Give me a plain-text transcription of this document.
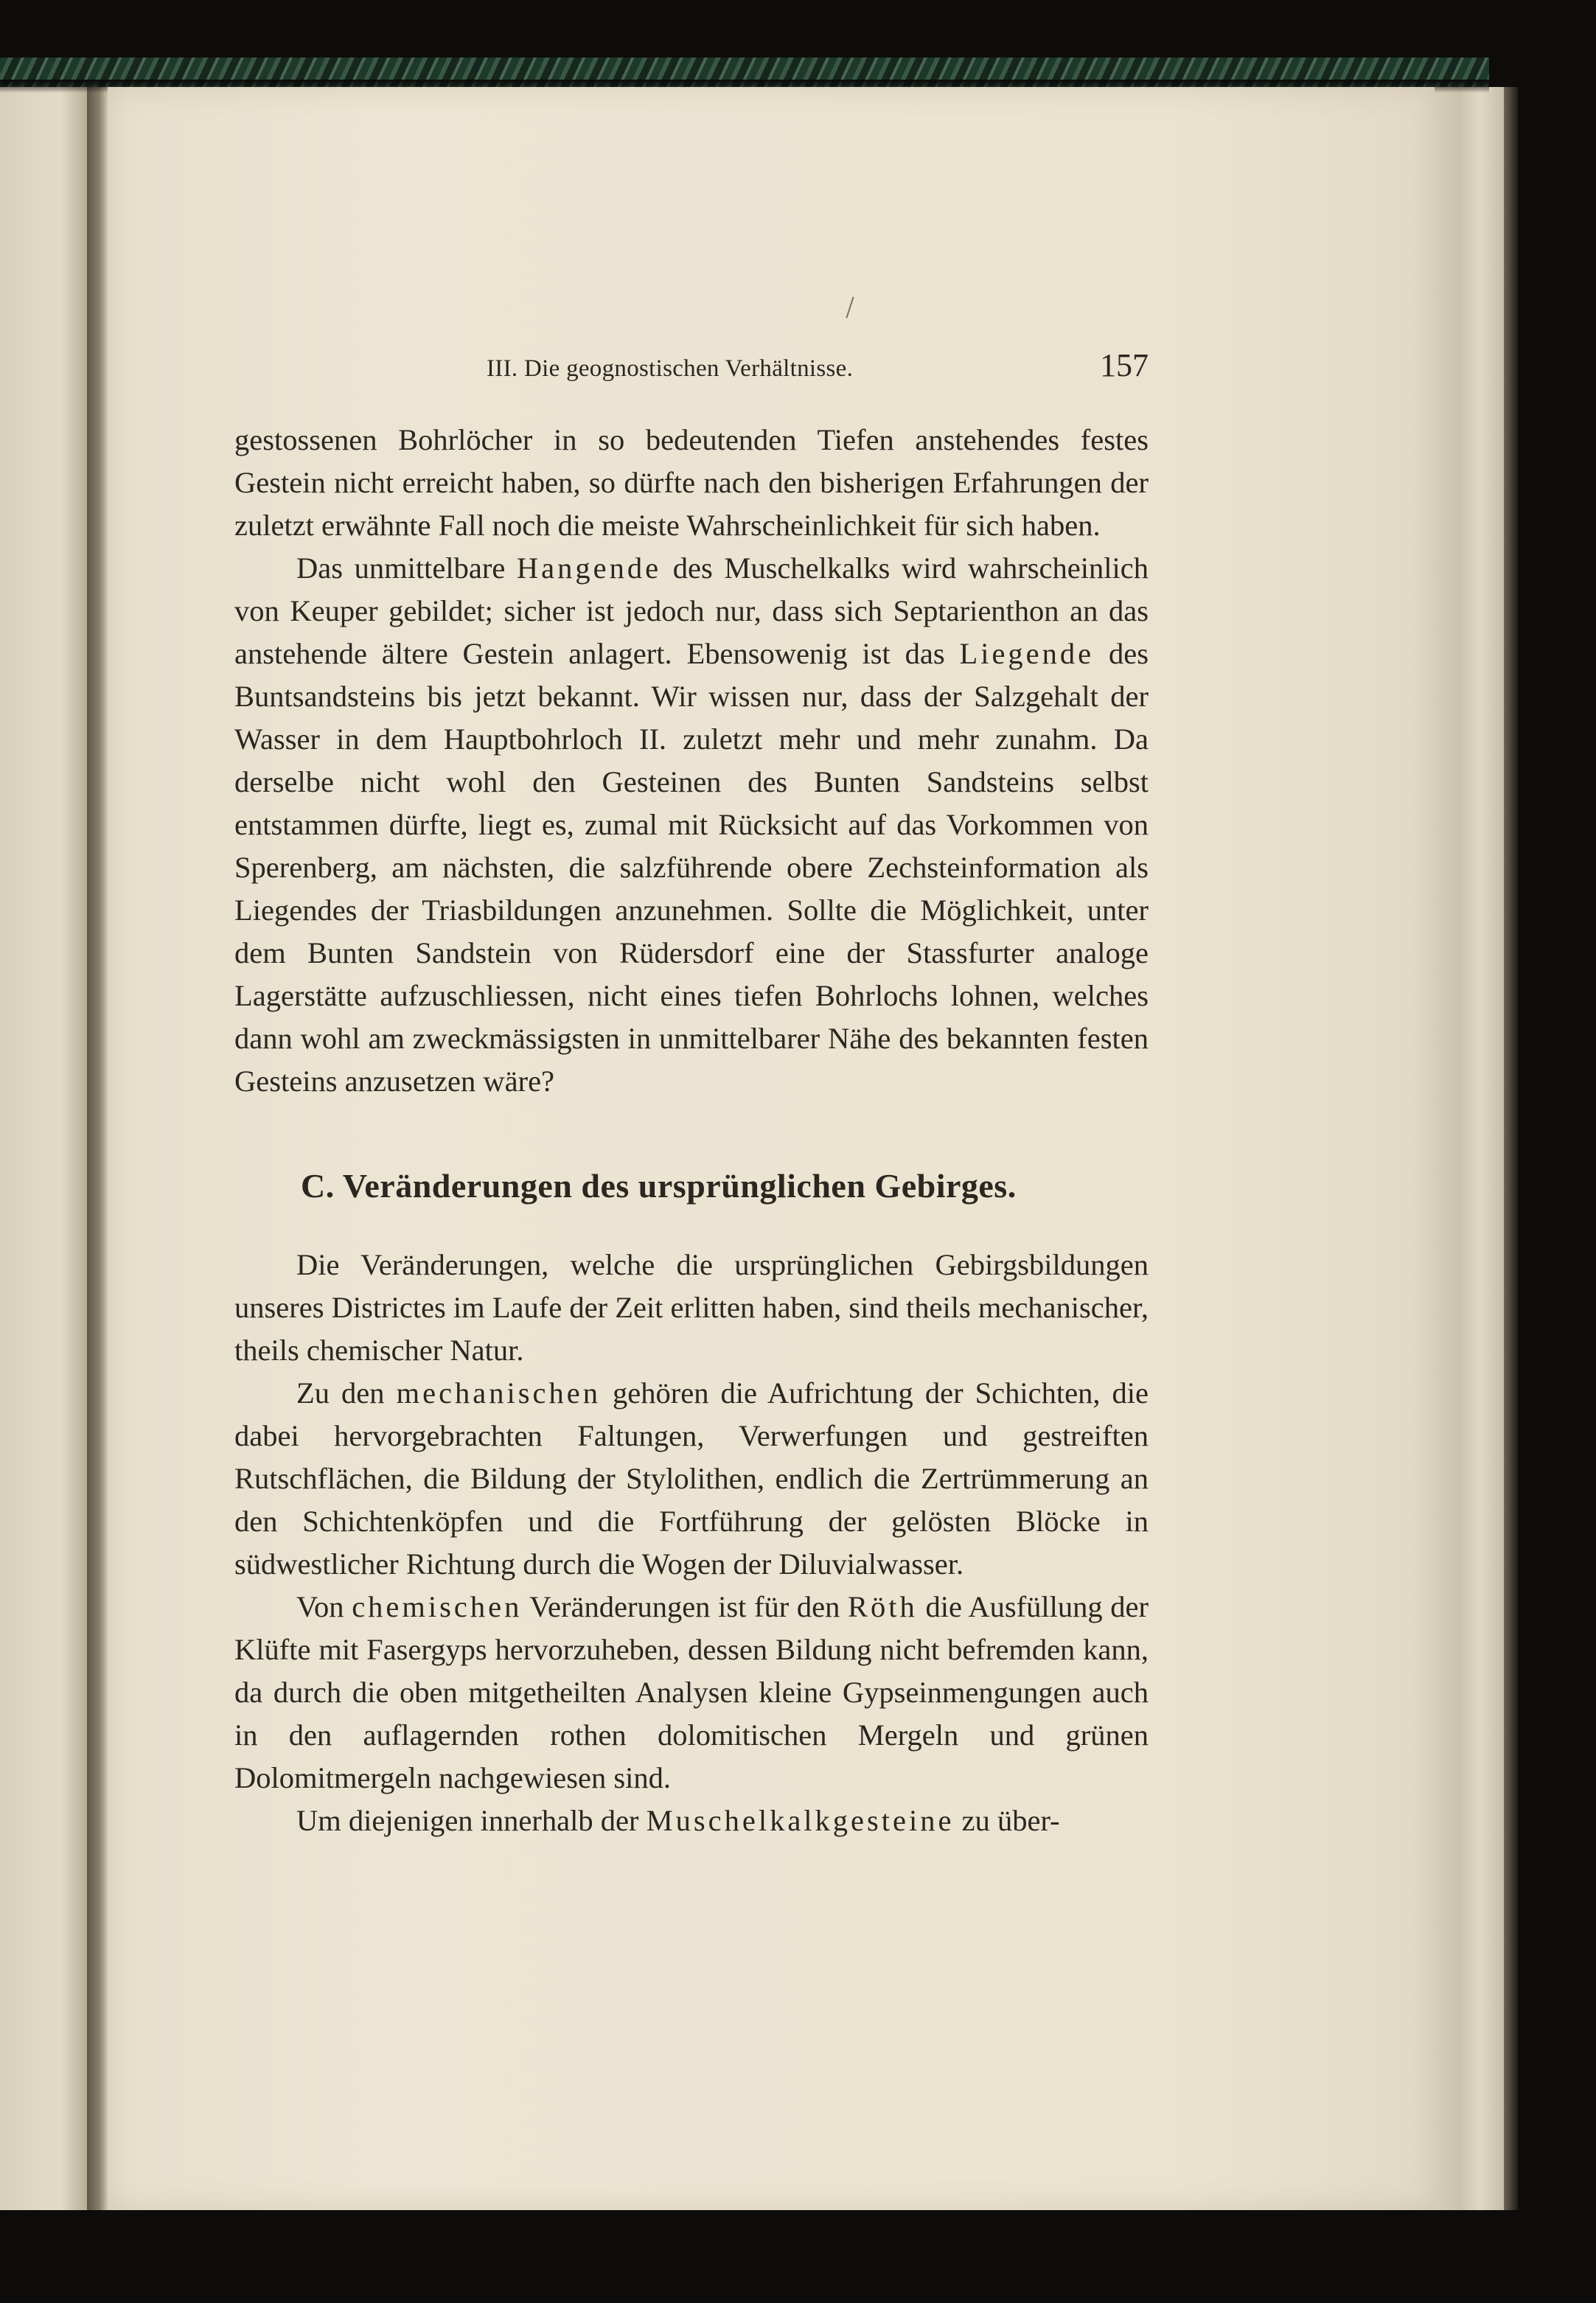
III. Die geognostischen Verhältnisse.	157

gestossenen Bohrlöcher in so bedeutenden Tiefen anstehendes festes Gestein nicht erreicht haben, so dürfte nach den bisherigen Erfahrungen der zuletzt erwähnte Fall noch die meiste Wahrscheinlichkeit für sich haben.

Das unmittelbare Hangende des Muschelkalks wird wahrscheinlich von Keuper gebildet; sicher ist jedoch nur, dass sich Septarienthon an das anstehende ältere Gestein anlagert. Ebensowenig ist das Liegende des Buntsandsteins bis jetzt bekannt. Wir wissen nur, dass der Salzgehalt der Wasser in dem Hauptbohrloch II. zuletzt mehr und mehr zunahm. Da derselbe nicht wohl den Gesteinen des Bunten Sandsteins selbst entstammen dürfte, liegt es, zumal mit Rücksicht auf das Vorkommen von Sperenberg, am nächsten, die salzführende obere Zechsteinformation als Liegendes der Triasbildungen anzunehmen. Sollte die Möglichkeit, unter dem Bunten Sandstein von Rüdersdorf eine der Stassfurter analoge Lagerstätte aufzuschliessen, nicht eines tiefen Bohrlochs lohnen, welches dann wohl am zweckmässigsten in unmittelbarer Nähe des bekannten festen Gesteins anzusetzen wäre?

C. Veränderungen des ursprünglichen Gebirges.

Die Veränderungen, welche die ursprünglichen Gebirgsbildungen unseres Districtes im Laufe der Zeit erlitten haben, sind theils mechanischer, theils chemischer Natur.

Zu den mechanischen gehören die Aufrichtung der Schichten, die dabei hervorgebrachten Faltungen, Verwerfungen und gestreiften Rutschflächen, die Bildung der Stylolithen, endlich die Zertrümmerung an den Schichtenköpfen und die Fortführung der gelösten Blöcke in südwestlicher Richtung durch die Wogen der Diluvialwasser.

Von chemischen Veränderungen ist für den Röth die Ausfüllung der Klüfte mit Fasergyps hervorzuheben, dessen Bildung nicht befremden kann, da durch die oben mitgetheilten Analysen kleine Gypseinmengungen auch in den auflagernden rothen dolomitischen Mergeln und grünen Dolomitmergeln nachgewiesen sind.

Um diejenigen innerhalb der Muschelkalkgesteine zu über-
